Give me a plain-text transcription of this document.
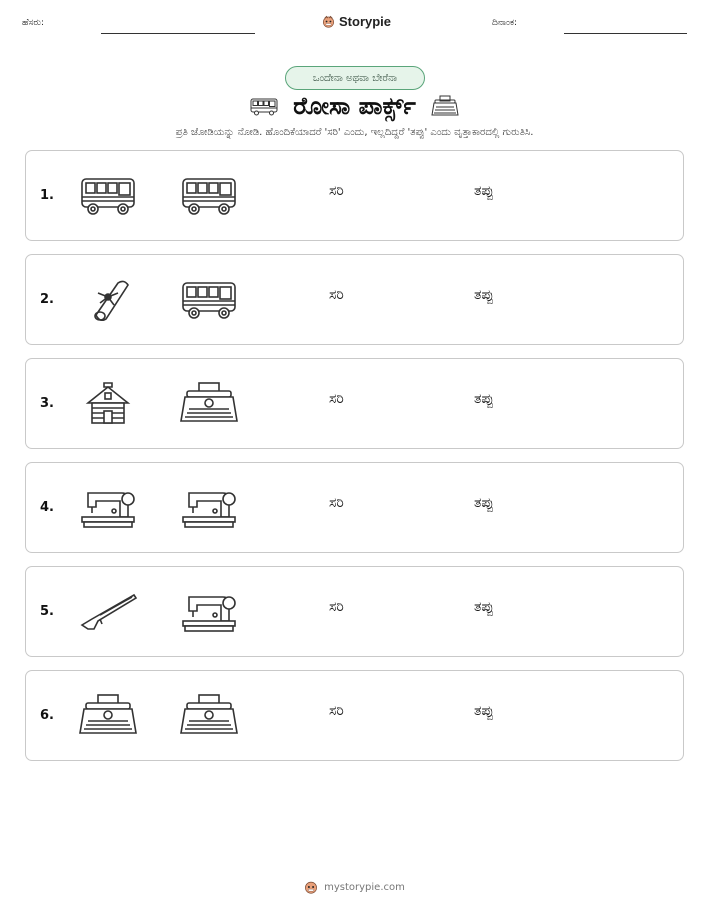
ಹೆಸರು:	Storypie	ದಿನಾಂಕ:
ಒಂದೇನಾ ಅಥವಾ ಬೇರೆನಾ
ರೋಸಾ ಪಾರ್ಕ್ಸ್
ಪ್ರತಿ ಜೋಡಿಯನ್ನು ನೋಡಿ. ಹೊಂದಿಕೆಯಾದರೆ 'ಸರಿ' ಎಂದು, ಇಲ್ಲದಿದ್ದರೆ 'ತಪ್ಪು' ಎಂದು ವೃತ್ತಾಕಾರದಲ್ಲಿ ಗುರುತಿಸಿ.
1.	ಸರಿ	ತಪ್ಪು
2.	ಸರಿ	ತಪ್ಪು
3.	ಸರಿ	ತಪ್ಪು
4.	ಸರಿ	ತಪ್ಪು
5.	ಸರಿ	ತಪ್ಪು
6.	ಸರಿ	ತಪ್ಪು
mystorypie.com
